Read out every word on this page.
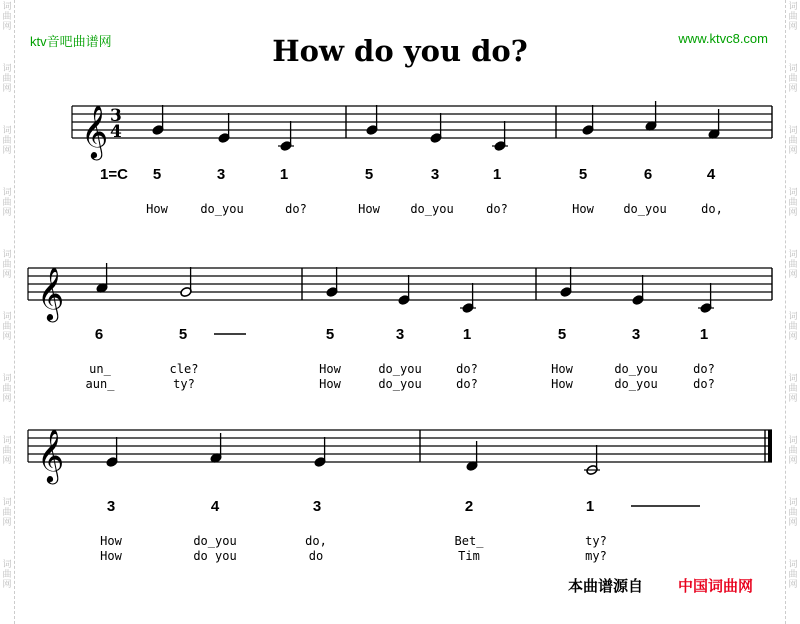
词
曲
网
词
曲
网
词
曲
网
词
曲
网
词
曲
网
词
曲
网
词
曲
网
词
曲
网
词
曲
网
词
曲
网
词
曲
网
词
曲
网
词
曲
网
词
曲
网
词
曲
网
词
曲
网
词
曲
网
词
曲
网
词
曲
网
词
曲
网
ktv音吧曲谱网	www.ktvc8.com
How do you do?
𝄞 3
4
𝄞
𝄞
1=C 5	3	1	5	3	1	5	6	4
How	do_you	do?	How	do_you	do?	How do_you	do,
6	5	5	3	1	5	3	1
un_	cle?	How	do_you	do?	How	do_you	do?
aun_	ty?	How	do_you	do?	How	do_you	do?
3	4	3	2	1
How	do_you	do,	Bet_	ty?
How	do you	do	Tim	my?
本曲谱源自 中国词曲网
